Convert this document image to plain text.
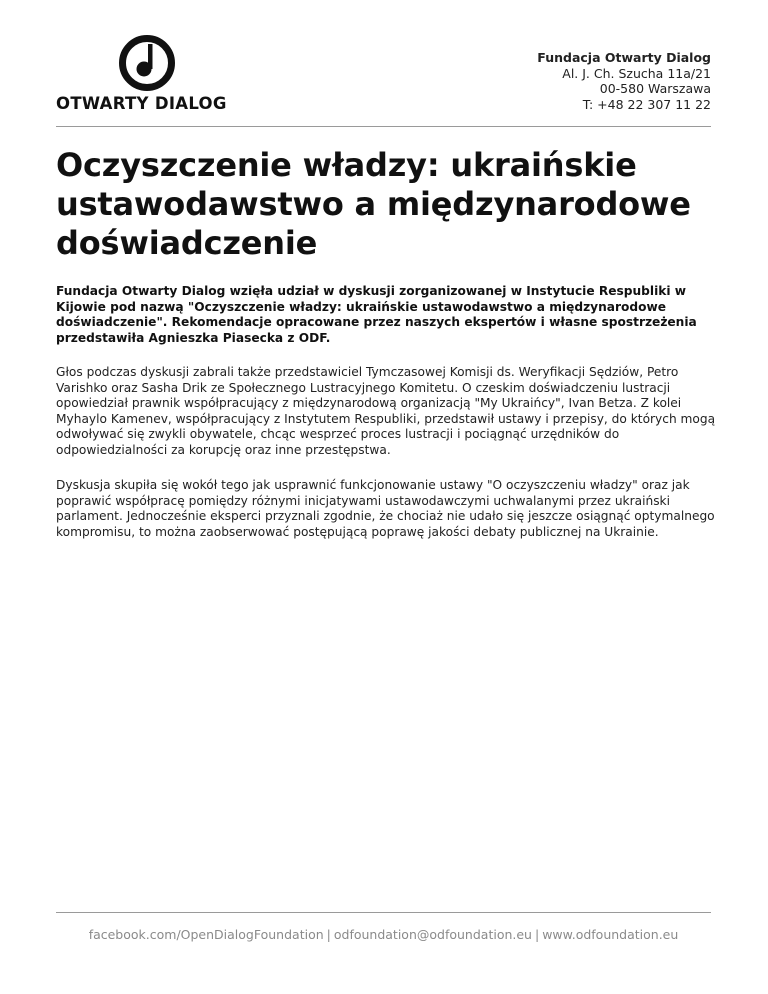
OTWARTY DIALOG
Fundacja Otwarty Dialog
Al. J. Ch. Szucha 11a/21
00-580 Warszawa
T: +48 22 307 11 22
Oczyszczenie władzy: ukraińskie ustawodawstwo a międzynarodowe doświadczenie

Fundacja Otwarty Dialog wzięła udział w dyskusji zorganizowanej w Instytucie Respubliki w Kijowie pod nazwą "Oczyszczenie władzy: ukraińskie ustawodawstwo a międzynarodowe doświadczenie". Rekomendacje opracowane przez naszych ekspertów i własne spostrzeżenia przedstawiła Agnieszka Piasecka z ODF.

Głos podczas dyskusji zabrali także przedstawiciel Tymczasowej Komisji ds. Weryfikacji Sędziów, Petro Varishko oraz Sasha Drik ze Społecznego Lustracyjnego Komitetu. O czeskim doświadczeniu lustracji opowiedział prawnik współpracujący z międzynarodową organizacją "My Ukraińcy", Ivan Betza. Z kolei Myhaylo Kamenev, współpracujący z Instytutem Respubliki, przedstawił ustawy i przepisy, do których mogą odwoływać się zwykli obywatele, chcąc wesprzeć proces lustracji i pociągnąć urzędników do odpowiedzialności za korupcję oraz inne przestępstwa.

Dyskusja skupiła się wokół tego jak usprawnić funkcjonowanie ustawy "O oczyszczeniu władzy" oraz jak poprawić współpracę pomiędzy różnymi inicjatywami ustawodawczymi uchwalanymi przez ukraiński parlament. Jednocześnie eksperci przyznali zgodnie, że chociaż nie udało się jeszcze osiągnąć optymalnego kompromisu, to można zaobserwować postępującą poprawę jakości debaty publicznej na Ukrainie.

facebook.com/OpenDialogFoundation | odfoundation@odfoundation.eu | www.odfoundation.eu
